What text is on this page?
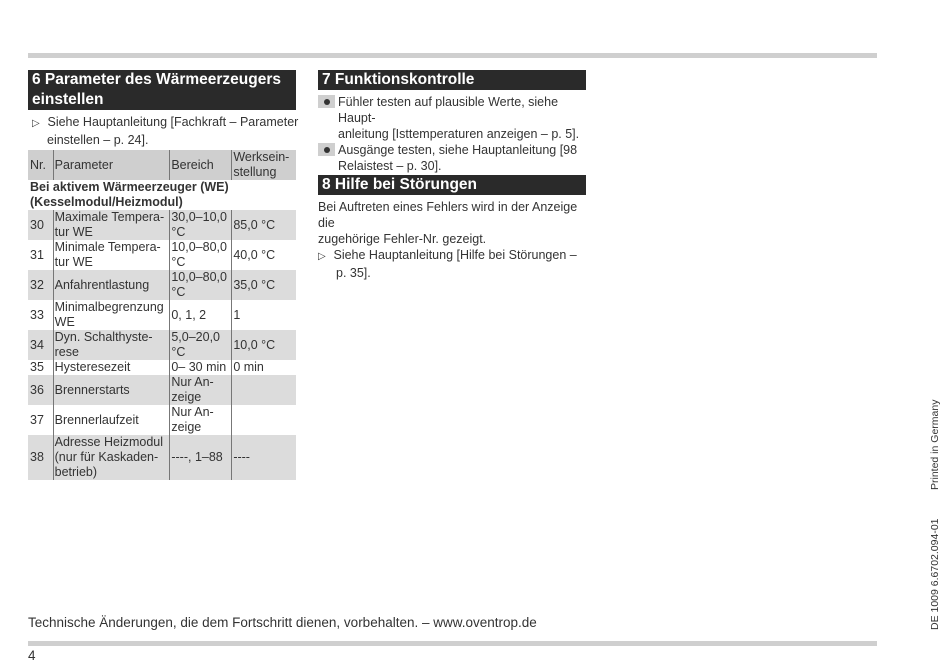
6 Parameter des Wärmeerzeugers einstellen
▷ Siehe Hauptanleitung [Fachkraft – Parameter
einstellen – p. 24].
Nr.	Parameter	Bereich	Werksein-stellung
Bei aktivem Wärmeerzeuger (WE) (Kesselmodul/Heizmodul)			
30	Maximale Tempera-tur WE	30,0–10,0 °C	85,0 °C
31	Minimale Tempera-tur WE	10,0–80,0 °C	40,0 °C
32	Anfahrentlastung	10,0–80,0 °C	35,0 °C
33	Minimalbegrenzung WE	0, 1, 2	1
34	Dyn. Schalthyste-rese	5,0–20,0 °C	10,0 °C
35	Hysteresezeit	0– 30 min	0 min
36	Brennerstarts	Nur An-zeige	
37	Brennerlaufzeit	Nur An-zeige	
38	Adresse Heizmodul (nur für Kaskaden-betrieb)	----, 1–88	----
7 Funktionskontrolle
Fühler testen auf plausible Werte, siehe Haupt-
anleitung [Isttemperaturen anzeigen – p. 5].
Ausgänge testen, siehe Hauptanleitung [98
Relaistest – p. 30].
8 Hilfe bei Störungen
Bei Auftreten eines Fehlers wird in der Anzeige die
zugehörige Fehler-Nr. gezeigt.
▷ Siehe Hauptanleitung [Hilfe bei Störungen –
p. 35].
Technische Änderungen, die dem Fortschritt dienen, vorbehalten. – www.oventrop.de
4
Printed in Germany
DE 1009 6.6702.094-01
